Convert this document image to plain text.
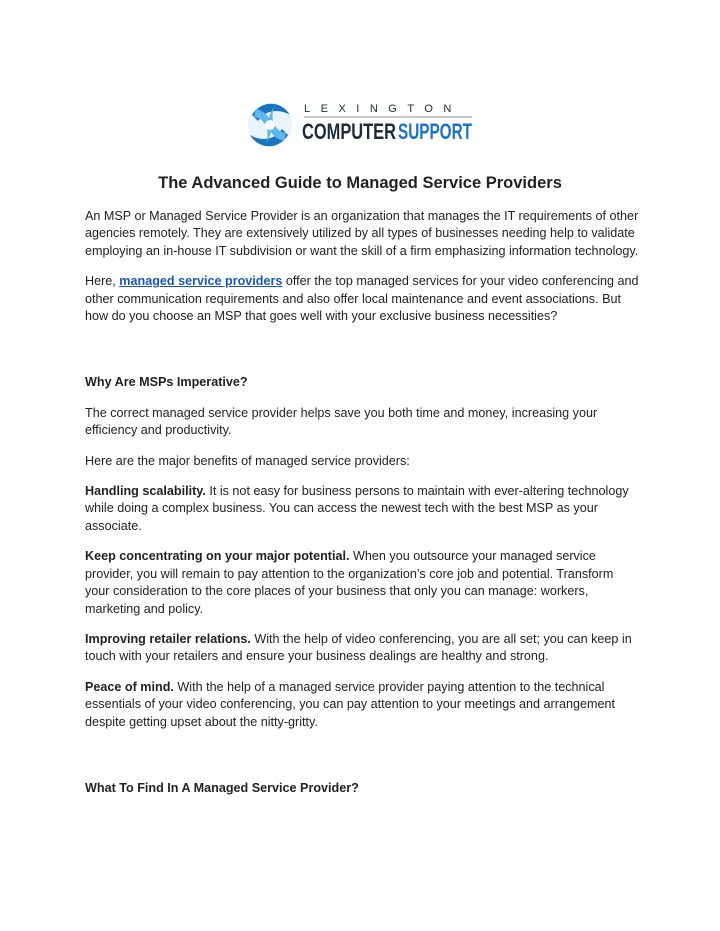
LEXINGTON
COMPUTER SUPPORT
The Advanced Guide to Managed Service Providers

An MSP or Managed Service Provider is an organization that manages the IT requirements of other agencies remotely. They are extensively utilized by all types of businesses needing help to validate employing an in-house IT subdivision or want the skill of a firm emphasizing information technology.

Here, managed service providers offer the top managed services for your video conferencing and other communication requirements and also offer local maintenance and event associations. But how do you choose an MSP that goes well with your exclusive business necessities?

Why Are MSPs Imperative?

The correct managed service provider helps save you both time and money, increasing your efficiency and productivity.

Here are the major benefits of managed service providers:

Handling scalability. It is not easy for business persons to maintain with ever-altering technology while doing a complex business. You can access the newest tech with the best MSP as your associate.

Keep concentrating on your major potential. When you outsource your managed service provider, you will remain to pay attention to the organization’s core job and potential. Transform your consideration to the core places of your business that only you can manage: workers, marketing and policy.

Improving retailer relations. With the help of video conferencing, you are all set; you can keep in touch with your retailers and ensure your business dealings are healthy and strong.

Peace of mind. With the help of a managed service provider paying attention to the technical essentials of your video conferencing, you can pay attention to your meetings and arrangement despite getting upset about the nitty-gritty.

What To Find In A Managed Service Provider?
